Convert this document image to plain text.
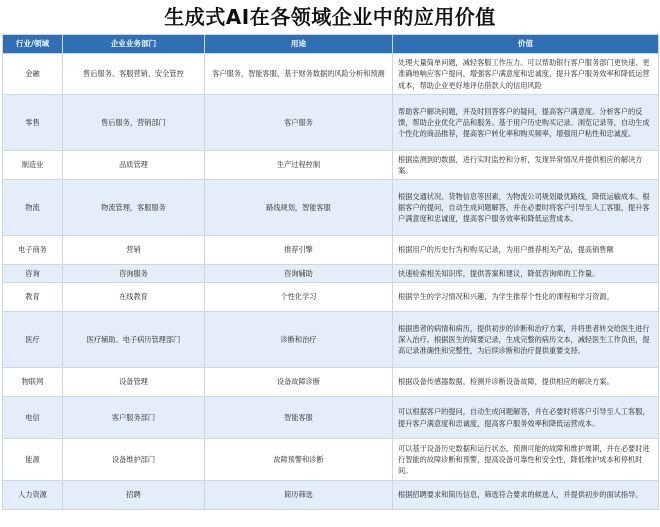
生成式AI在各领域企业中的应用价值
行业/领域	企业业务部门	用途	价值
金融	售后服务、客服营销、安全管控	客户服务，智能客服，基于财务数据的风险分析和预测	处理大量简单问题，减轻客服工作压力。可以帮助银行客户服务部门更快速、更准确地响应客户提问，增强客户满意度和忠诚度，提升客户服务效率和降低运营成本，帮助企业更好地评估借款人的信用风险
零售	售后服务，营销部门	客户服务	帮助客户解决问题，并及时回答客户的疑问，提高客户满意度。分析客户的反馈，帮助企业优化产品和服务。基于用户历史购买记录、浏览记录等，自动生成个性化的商品推荐，提高客户转化率和购买频率，增强用户粘性和忠诚度。
制造业	品质管理	生产过程控制	根据监测到的数据，进行实时监控和分析，发现异常情况并提供相应的解决方案。
物流	物流管理，客服服务	路线规划，智能客服	根据交通状况、货物信息等因素，为物流公司规划最优路线，降低运输成本。根据客户的提问，自动生成问题解答，并在必要时将客户引导至人工客服，提升客户满意度和忠诚度，提高客户服务效率和降低运营成本。
电子商务	营销	推荐引擎	根据用户的历史行为和购买记录，为用户推荐相关产品，提高销售额
咨询	咨询服务	咨询辅助	快速检索相关知识库，提供答案和建议，降低咨询师的工作量。
教育	在线教育	个性化学习	根据学生的学习情况和兴趣，为学生推荐个性化的课程和学习资源。
医疗	医疗辅助、电子病历管理部门	诊断和治疗	根据患者的病情和病历，提供初步的诊断和治疗方案，并将患者转交给医生进行深入治疗。根据医生的简要记录，生成完整的病历文本，减轻医生工作负担，提高记录准确性和完整性，为后续诊断和治疗提供重要支持。
物联网	设备管理	设备故障诊断	根据设备传感器数据，检测并诊断设备故障，提供相应的解决方案。
电信	客户服务部门	智能客服	可以根据客户的提问，自动生成问题解答，并在必要时将客户引导至人工客服，提升客户满意度和忠诚度，提高客户服务效率和降低运营成本。
能源	设备维护部门	故障预警和诊断	可以基于设备历史数据和运行状态，预测可能的故障和维护周期，并在必要时进行智能的故障诊断和预警，提高设备可靠性和安全性，降低维护成本和停机时间。
人力资源	招聘	简历筛选	根据招聘要求和简历信息，筛选符合要求的候选人，并提供初步的面试指导。
